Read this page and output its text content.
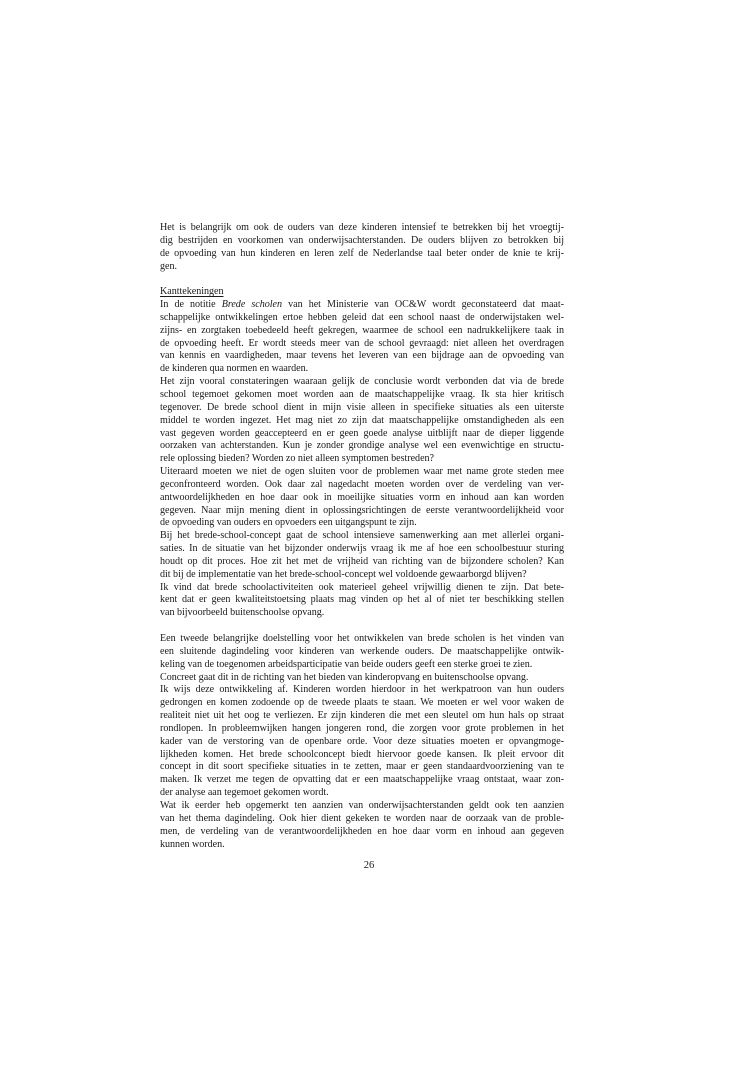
Het is belangrijk om ook de ouders van deze kinderen intensief te betrekken bij het vroegtij-
dig bestrijden en voorkomen van onderwijsachterstanden. De ouders blijven zo betrokken bij
de opvoeding van hun kinderen en leren zelf de Nederlandse taal beter onder de knie te krij-
gen.
Kanttekeningen
In de notitie Brede scholen van het Ministerie van OC&W wordt geconstateerd dat maat-
schappelijke ontwikkelingen ertoe hebben geleid dat een school naast de onderwijstaken wel-
zijns- en zorgtaken toebedeeld heeft gekregen, waarmee de school een nadrukkelijkere taak in
de opvoeding heeft. Er wordt steeds meer van de school gevraagd: niet alleen het overdragen
van kennis en vaardigheden, maar tevens het leveren van een bijdrage aan de opvoeding van
de kinderen qua normen en waarden.
Het zijn vooral constateringen waaraan gelijk de conclusie wordt verbonden dat via de brede
school tegemoet gekomen moet worden aan de maatschappelijke vraag. Ik sta hier kritisch
tegenover. De brede school dient in mijn visie alleen in specifieke situaties als een uiterste
middel te worden ingezet. Het mag niet zo zijn dat maatschappelijke omstandigheden als een
vast gegeven worden geaccepteerd en er geen goede analyse uitblijft naar de dieper liggende
oorzaken van achterstanden. Kun je zonder grondige analyse wel een evenwichtige en structu-
rele oplossing bieden? Worden zo niet alleen symptomen bestreden?
Uiteraard moeten we niet de ogen sluiten voor de problemen waar met name grote steden mee
geconfronteerd worden. Ook daar zal nagedacht moeten worden over de verdeling van ver-
antwoordelijkheden en hoe daar ook in moeilijke situaties vorm en inhoud aan kan worden
gegeven. Naar mijn mening dient in oplossingsrichtingen de eerste verantwoordelijkheid voor
de opvoeding van ouders en opvoeders een uitgangspunt te zijn.
Bij het brede-school-concept gaat de school intensieve samenwerking aan met allerlei organi-
saties. In de situatie van het bijzonder onderwijs vraag ik me af hoe een schoolbestuur sturing
houdt op dit proces. Hoe zit het met de vrijheid van richting van de bijzondere scholen? Kan
dit bij de implementatie van het brede-school-concept wel voldoende gewaarborgd blijven?
Ik vind dat brede schoolactiviteiten ook materieel geheel vrijwillig dienen te zijn. Dat bete-
kent dat er geen kwaliteitstoetsing plaats mag vinden op het al of niet ter beschikking stellen
van bijvoorbeeld buitenschoolse opvang.
Een tweede belangrijke doelstelling voor het ontwikkelen van brede scholen is het vinden van
een sluitende dagindeling voor kinderen van werkende ouders. De maatschappelijke ontwik-
keling van de toegenomen arbeidsparticipatie van beide ouders geeft een sterke groei te zien.
Concreet gaat dit in de richting van het bieden van kinderopvang en buitenschoolse opvang.
Ik wijs deze ontwikkeling af. Kinderen worden hierdoor in het werkpatroon van hun ouders
gedrongen en komen zodoende op de tweede plaats te staan. We moeten er wel voor waken de
realiteit niet uit het oog te verliezen. Er zijn kinderen die met een sleutel om hun hals op straat
rondlopen. In probleemwijken hangen jongeren rond, die zorgen voor grote problemen in het
kader van de verstoring van de openbare orde. Voor deze situaties moeten er opvangmoge-
lijkheden komen. Het brede schoolconcept biedt hiervoor goede kansen. Ik pleit ervoor dit
concept in dit soort specifieke situaties in te zetten, maar er geen standaardvoorziening van te
maken. Ik verzet me tegen de opvatting dat er een maatschappelijke vraag ontstaat, waar zon-
der analyse aan tegemoet gekomen wordt.
Wat ik eerder heb opgemerkt ten aanzien van onderwijsachterstanden geldt ook ten aanzien
van het thema dagindeling. Ook hier dient gekeken te worden naar de oorzaak van de proble-
men, de verdeling van de verantwoordelijkheden en hoe daar vorm en inhoud aan gegeven
kunnen worden.
26
